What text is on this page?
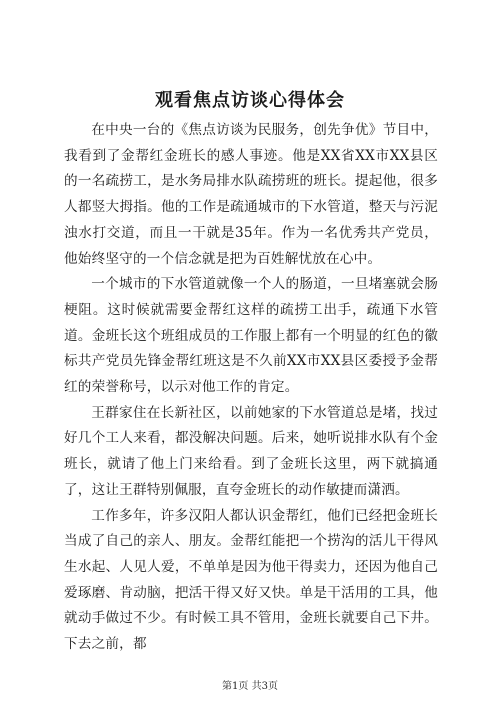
观看焦点访谈心得体会

在中央一台的《焦点访谈为民服务，创先争优》节目中，我看到了金帮红金班长的感人事迹。他是XX省XX市XX县区的一名疏捞工，是水务局排水队疏捞班的班长。提起他，很多人都竖大拇指。他的工作是疏通城市的下水管道，整天与污泥浊水打交道，而且一干就是35年。作为一名优秀共产党员，他始终坚守的一个信念就是把为百姓解忧放在心中。

一个城市的下水管道就像一个人的肠道，一旦堵塞就会肠梗阻。这时候就需要金帮红这样的疏捞工出手，疏通下水管道。金班长这个班组成员的工作服上都有一个明显的红色的徽标共产党员先锋金帮红班这是不久前XX市XX县区委授予金帮红的荣誉称号，以示对他工作的肯定。

王群家住在长新社区，以前她家的下水管道总是堵，找过好几个工人来看，都没解决问题。后来，她听说排水队有个金班长，就请了他上门来给看。到了金班长这里，两下就搞通了，这让王群特别佩服，直夸金班长的动作敏捷而潇洒。

工作多年，许多汉阳人都认识金帮红，他们已经把金班长当成了自己的亲人、朋友。金帮红能把一个捞沟的活儿干得风生水起、人见人爱，不单单是因为他干得卖力，还因为他自己爱琢磨、肯动脑，把活干得又好又快。单是干活用的工具，他就动手做过不少。有时候工具不管用，金班长就要自己下井。下去之前，都

第1页 共3页
